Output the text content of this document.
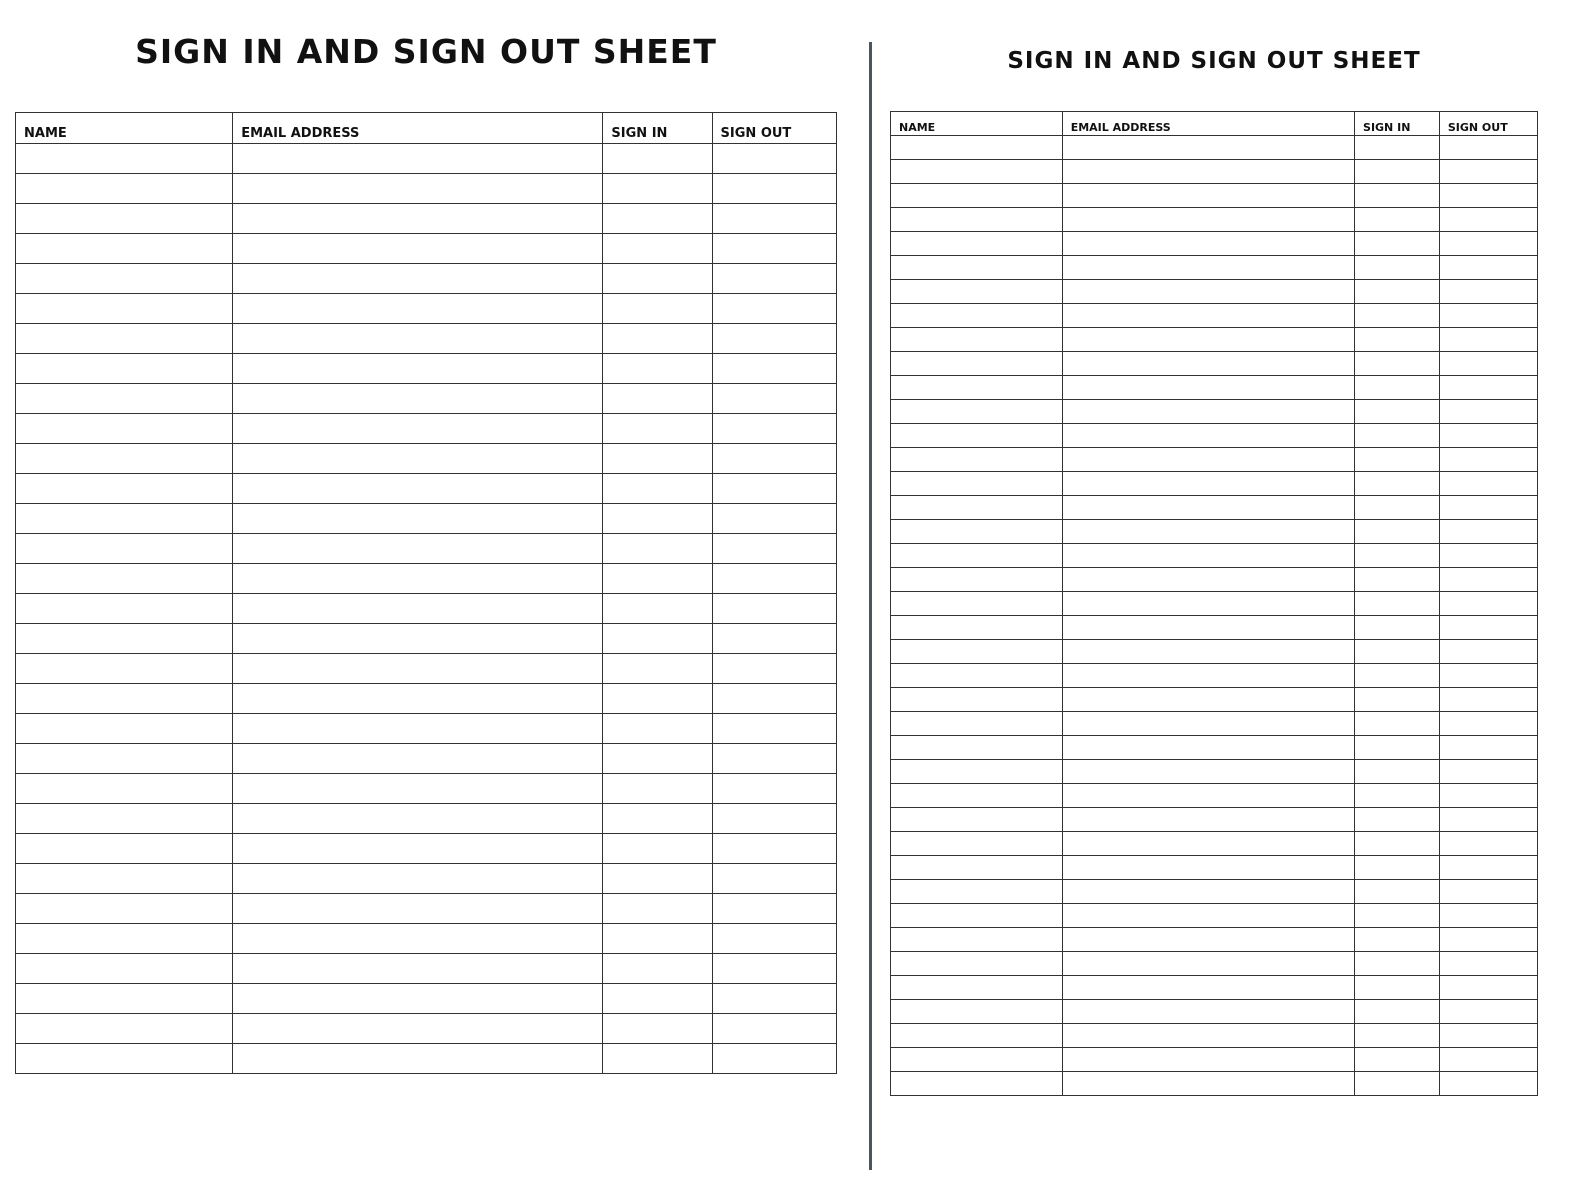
SIGN IN AND SIGN OUT SHEET
NAME	EMAIL ADDRESS	SIGN IN	SIGN OUT

SIGN IN AND SIGN OUT SHEET
NAME	EMAIL ADDRESS	SIGN IN	SIGN OUT
